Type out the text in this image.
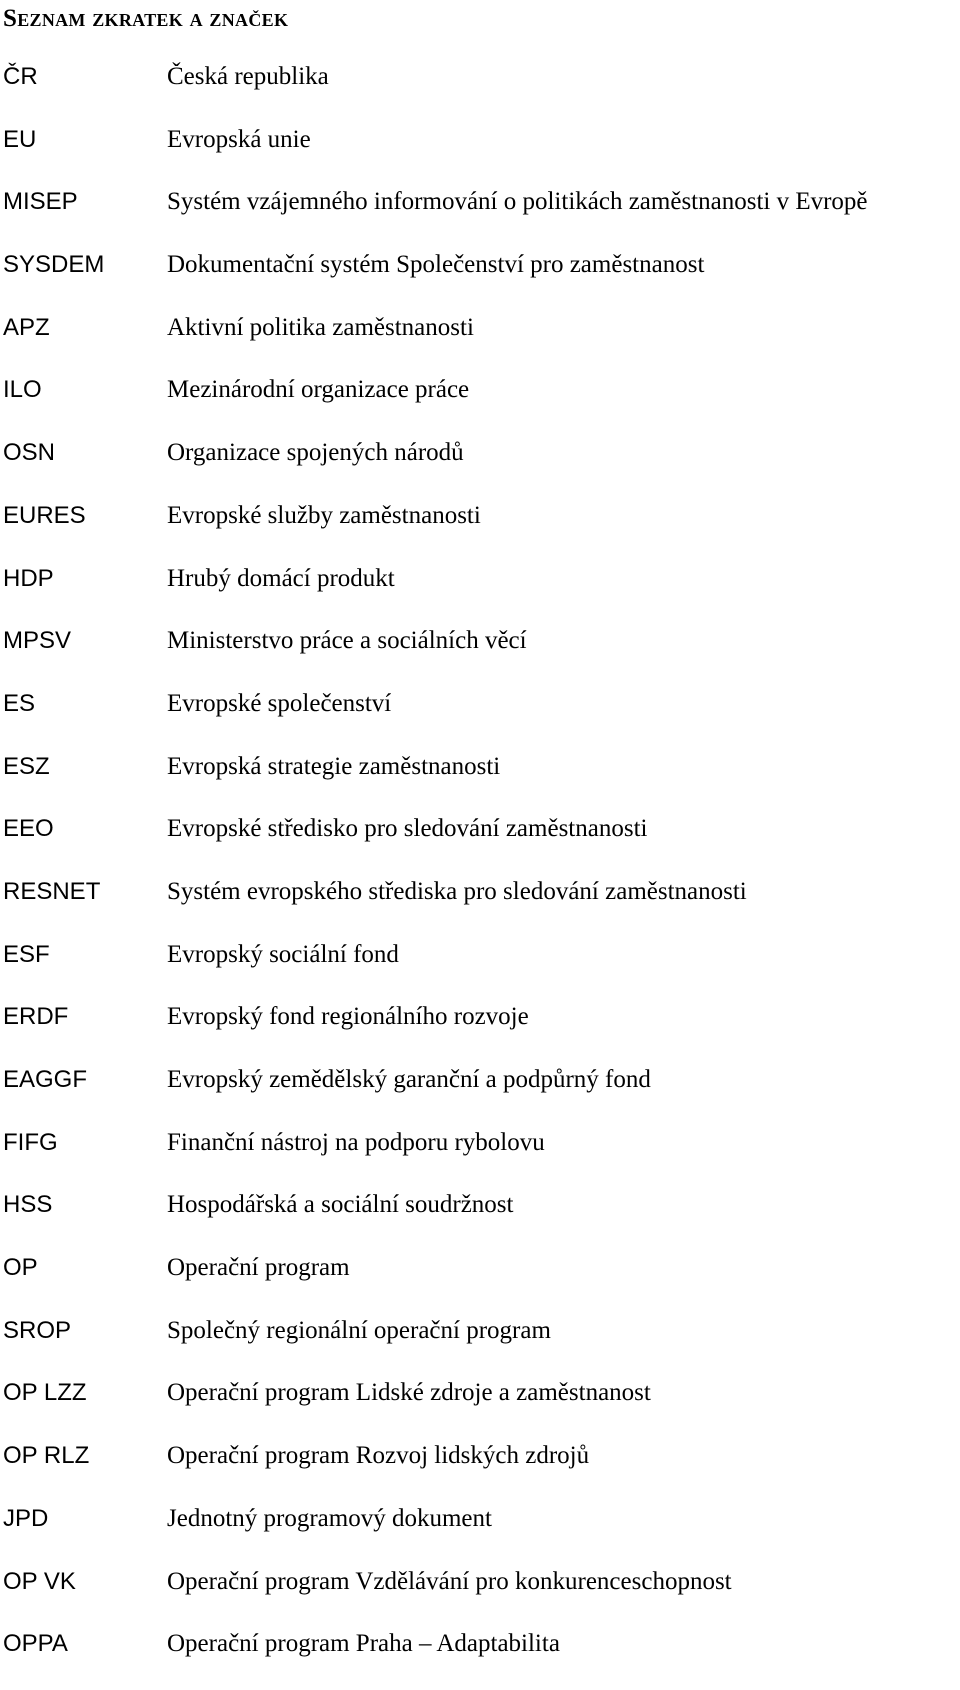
Seznam zkratek a značek
ČR	Česká republika
EU	Evropská unie
MISEP	Systém vzájemného informování o politikách zaměstnanosti v Evropě
SYSDEM	Dokumentační systém Společenství pro zaměstnanost
APZ	Aktivní politika zaměstnanosti
ILO	Mezinárodní organizace práce
OSN	Organizace spojených národů
EURES	Evropské služby zaměstnanosti
HDP	Hrubý domácí produkt
MPSV	Ministerstvo práce a sociálních věcí
ES	Evropské společenství
ESZ	Evropská strategie zaměstnanosti
EEO	Evropské středisko pro sledování zaměstnanosti
RESNET	Systém evropského střediska pro sledování zaměstnanosti
ESF	Evropský sociální fond
ERDF	Evropský fond regionálního rozvoje
EAGGF	Evropský zemědělský garanční a podpůrný fond
FIFG	Finanční nástroj na podporu rybolovu
HSS	Hospodářská a sociální soudržnost
OP	Operační program
SROP	Společný regionální operační program
OP LZZ	Operační program Lidské zdroje a zaměstnanost
OP RLZ	Operační program Rozvoj lidských zdrojů
JPD	Jednotný programový dokument
OP VK	Operační program Vzdělávání pro konkurenceschopnost
OPPA	Operační program Praha – Adaptabilita
